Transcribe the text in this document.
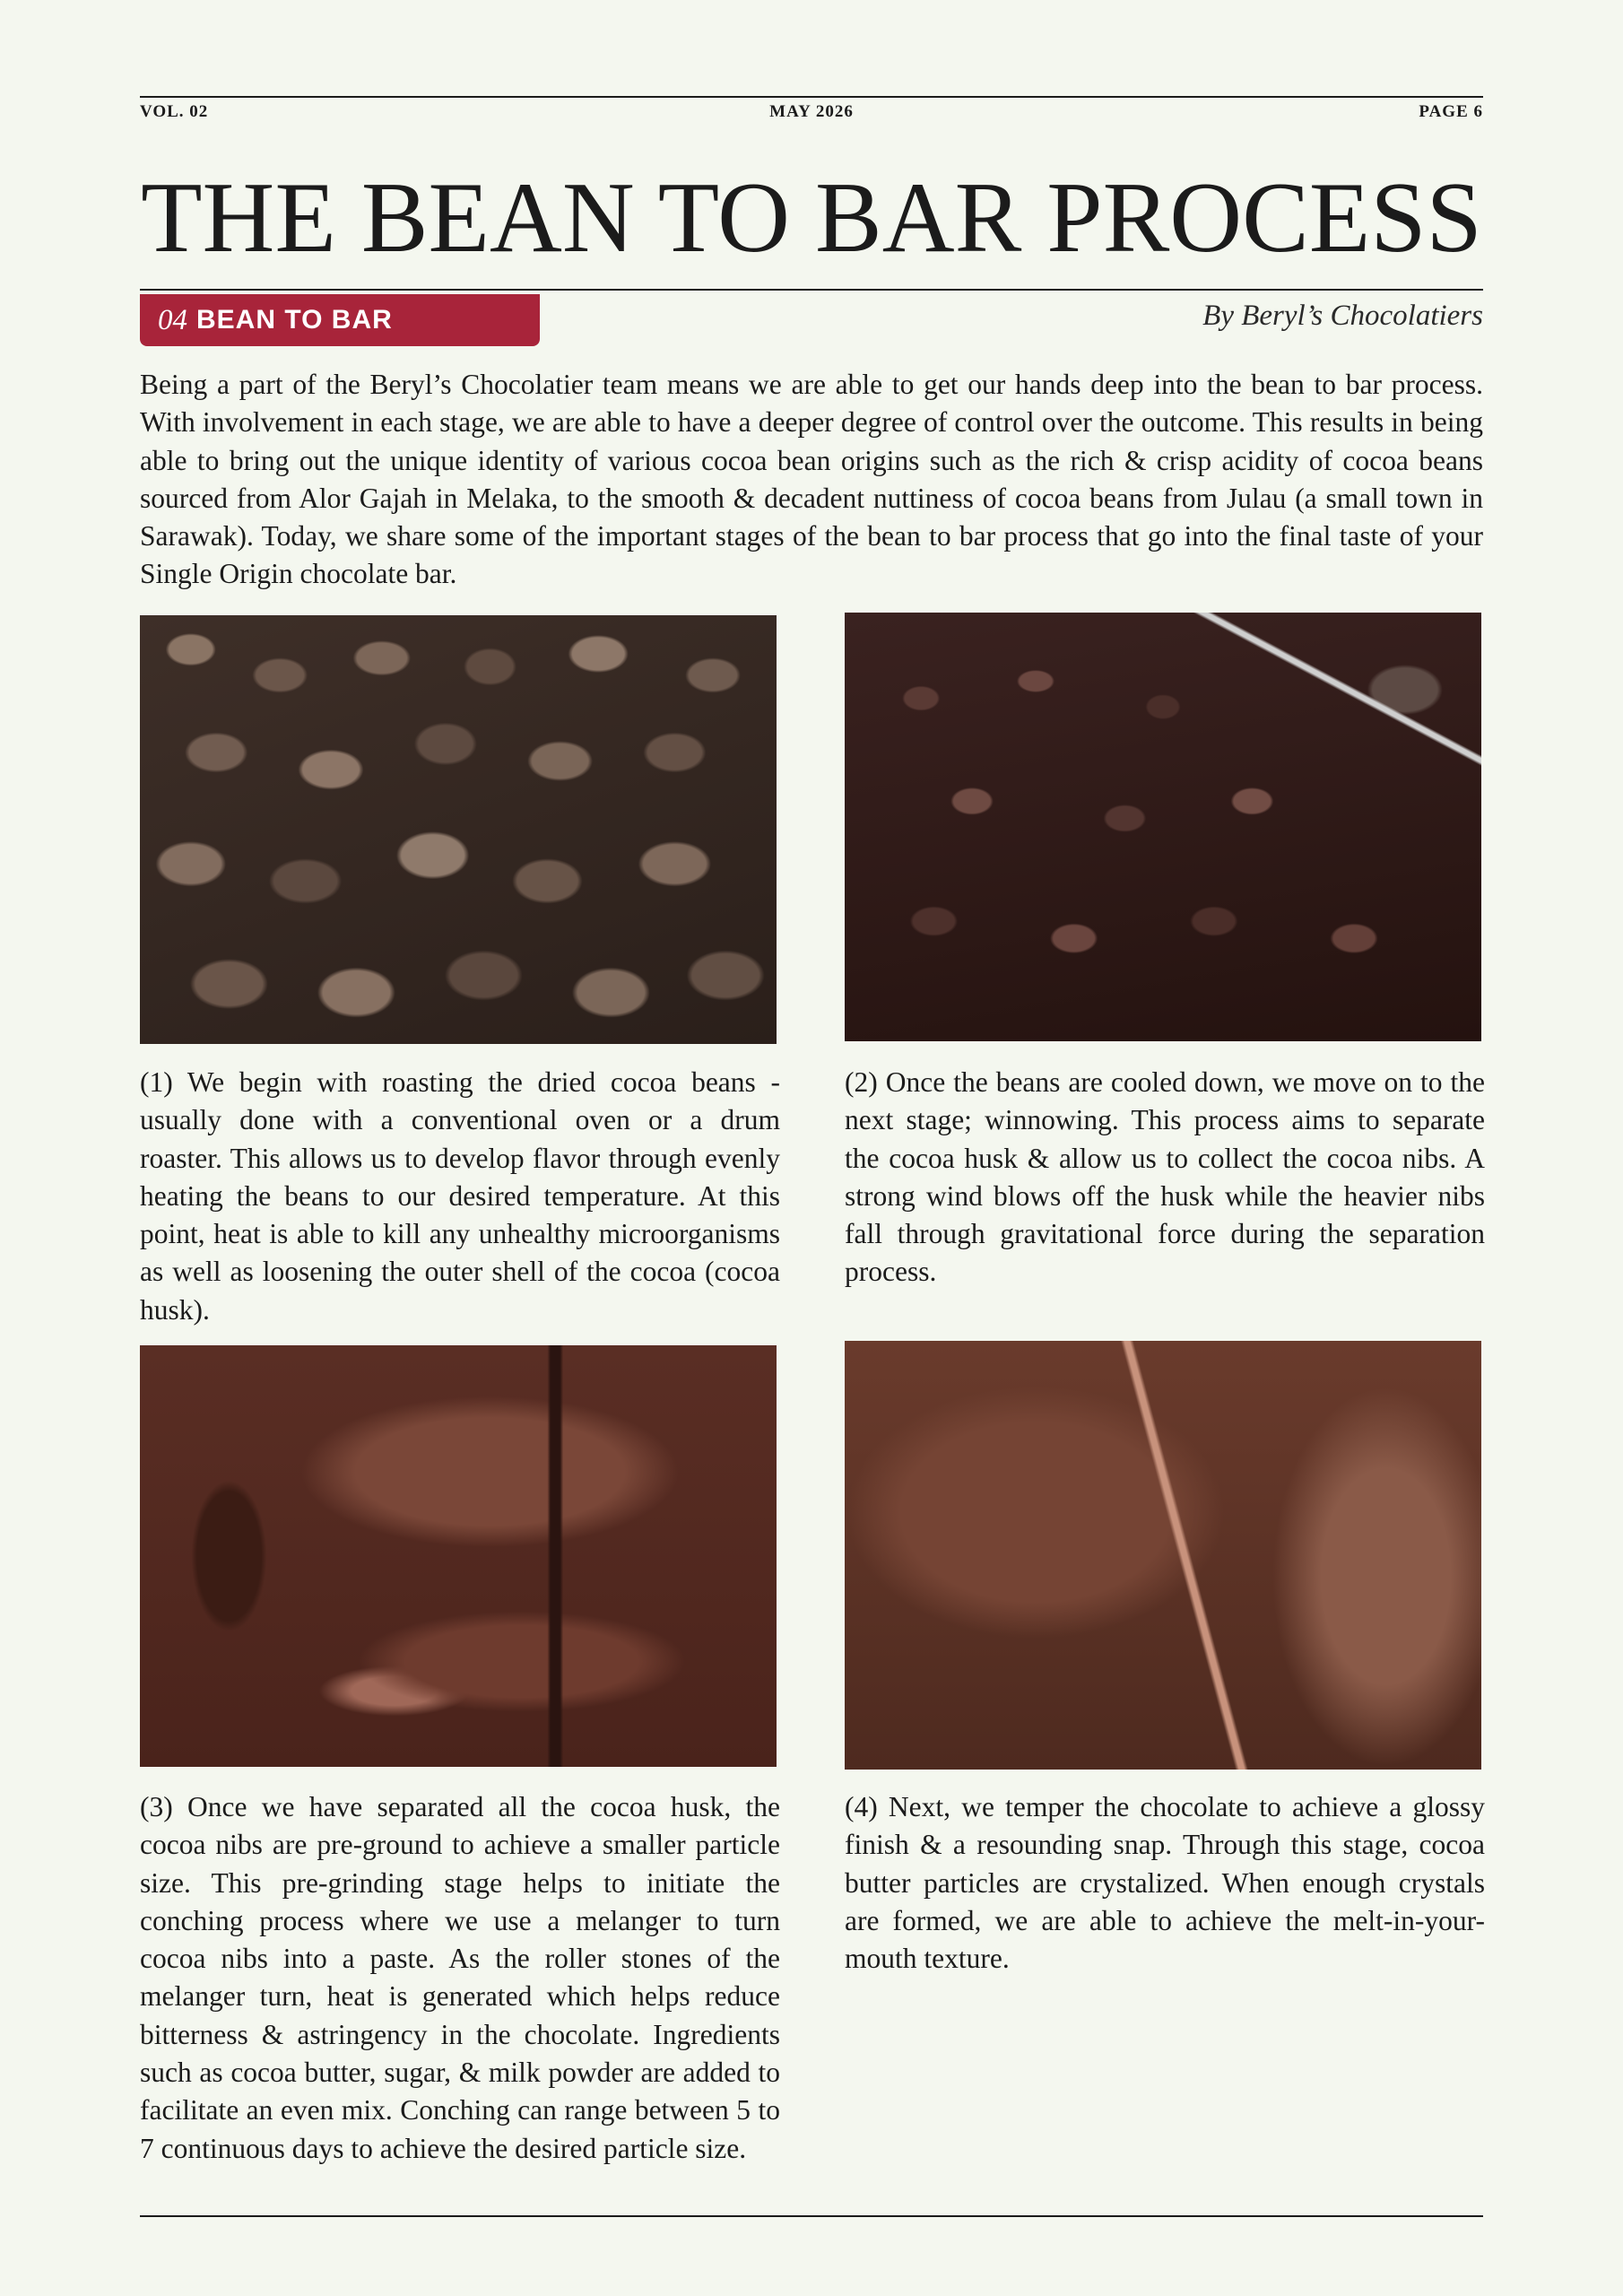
VOL. 02	MAY 2026	PAGE 6
THE BEAN TO BAR PROCESS
04 BEAN TO BAR	By Beryl’s Chocolatiers

Being a part of the Beryl’s Chocolatier team means we are able to get our hands deep into the bean to bar process. With involvement in each stage, we are able to have a deeper degree of control over the outcome. This results in being able to bring out the unique identity of various cocoa bean origins such as the rich & crisp acidity of cocoa beans sourced from Alor Gajah in Melaka, to the smooth & decadent nuttiness of cocoa beans from Julau (a small town in Sarawak). Today, we share some of the important stages of the bean to bar process that go into the final taste of your Single Origin chocolate bar.

(1) We begin with roasting the dried cocoa beans - usually done with a conventional oven or a drum roaster. This allows us to develop flavor through evenly heating the beans to our desired temperature. At this point, heat is able to kill any unhealthy microorganisms as well as loosening the outer shell of the cocoa (cocoa husk).

(2) Once the beans are cooled down, we move on to the next stage; winnowing. This process aims to separate the cocoa husk & allow us to collect the cocoa nibs. A strong wind blows off the husk while the heavier nibs fall through gravitational force during the separation process.

(3) Once we have separated all the cocoa husk, the cocoa nibs are pre-ground to achieve a smaller particle size. This pre-grinding stage helps to initiate the conching process where we use a melanger to turn cocoa nibs into a paste. As the roller stones of the melanger turn, heat is generated which helps reduce bitterness & astringency in the chocolate. Ingredients such as cocoa butter, sugar, & milk powder are added to facilitate an even mix. Conching can range between 5 to 7 continuous days to achieve the desired particle size.

(4) Next, we temper the chocolate to achieve a glossy finish & a resounding snap. Through this stage, cocoa butter particles are crystalized. When enough crystals are formed, we are able to achieve the melt-in-your-mouth texture.
